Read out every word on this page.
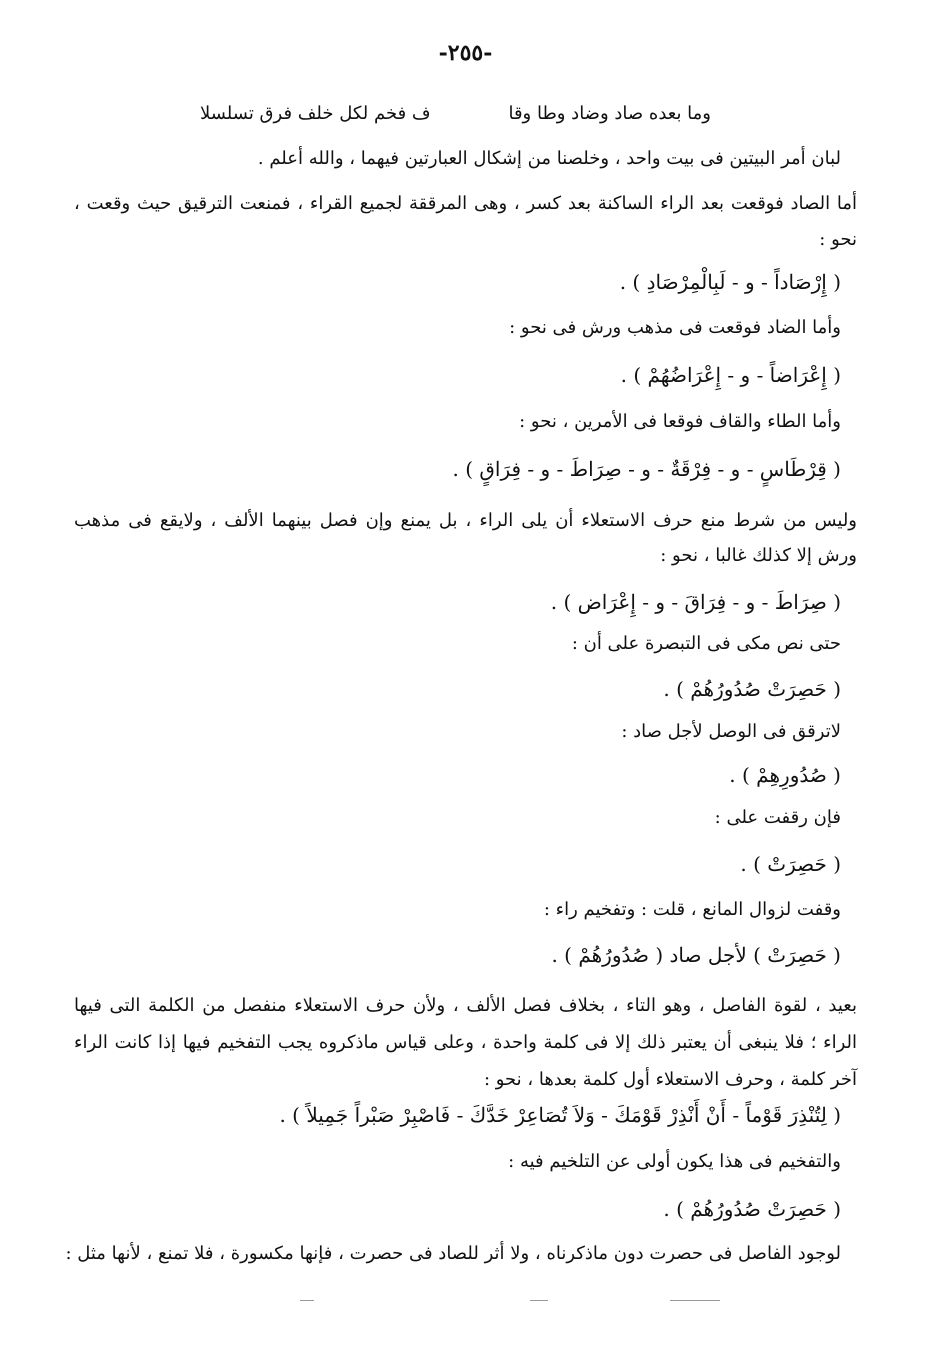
-٢٥٥-
وما بعده صاد وضاد وطا وقا
ف فخم لكل خلف فرق تسلسلا
لبان أمر البيتين فى بيت واحد ، وخلصنا من إشكال العبارتين فيهما ، والله أعلم .
أما الصاد فوقعت بعد الراء الساكنة بعد كسر ، وهى المرققة لجميع القراء ، فمنعت الترقيق حيث وقعت ، نحو :
( إِرْصَاداً - و - لَبِالْمِرْصَادِ ) .
وأما الضاد فوقعت فى مذهب ورش فى نحو :
( إِعْرَاضاً - و - إِعْرَاضُهُمْ ) .
وأما الطاء والقاف فوقعا فى الأمرين ، نحو :
( قِرْطَاسٍ - و - فِرْقَةٌ - و - صِرَاطَ - و - فِرَاقٍ ) .
وليس من شرط منع حرف الاستعلاء أن يلى الراء ، بل يمنع وإن فصل بينهما الألف ، ولايقع فى مذهب ورش إلا كذلك غالبا ، نحو :
( صِرَاطَ - و - فِرَاقَ - و - إِعْرَاض ) .
حتى نص مكى فى التبصرة على أن :
( حَصِرَتْ صُدُورُهُمْ ) .
لاترقق فى الوصل لأجل صاد :
( صُدُورِهِمْ ) .
فإن رقفت على :
( حَصِرَتْ ) .
وقفت لزوال المانع ، قلت : وتفخيم راء :
( حَصِرَتْ ) لأجل صاد ( صُدُورُهُمْ ) .
بعيد ، لقوة الفاصل ، وهو التاء ، بخلاف فصل الألف ، ولأن حرف الاستعلاء منفصل من الكلمة التى فيها الراء ؛ فلا ينبغى أن يعتبر ذلك إلا فى كلمة واحدة ، وعلى قياس ماذكروه يجب التفخيم فيها إذا كانت الراء آخر كلمة ، وحرف الاستعلاء أول كلمة بعدها ، نحو :
( لِتُنْذِرَ قَوْماً - أَنْ أَنْذِرْ قَوْمَكَ - وَلاَ تُصَاعِرْ خَدَّكَ - فَاصْبِرْ صَبْراً جَمِيلاً ) .
والتفخيم فى هذا يكون أولى عن التلخيم فيه :
( حَصِرَتْ صُدُورُهُمْ ) .
لوجود الفاصل فى حصرت دون ماذكرناه ، ولا أثر للصاد فى حصرت ، فإنها مكسورة ، فلا تمنع ، لأنها مثل :
